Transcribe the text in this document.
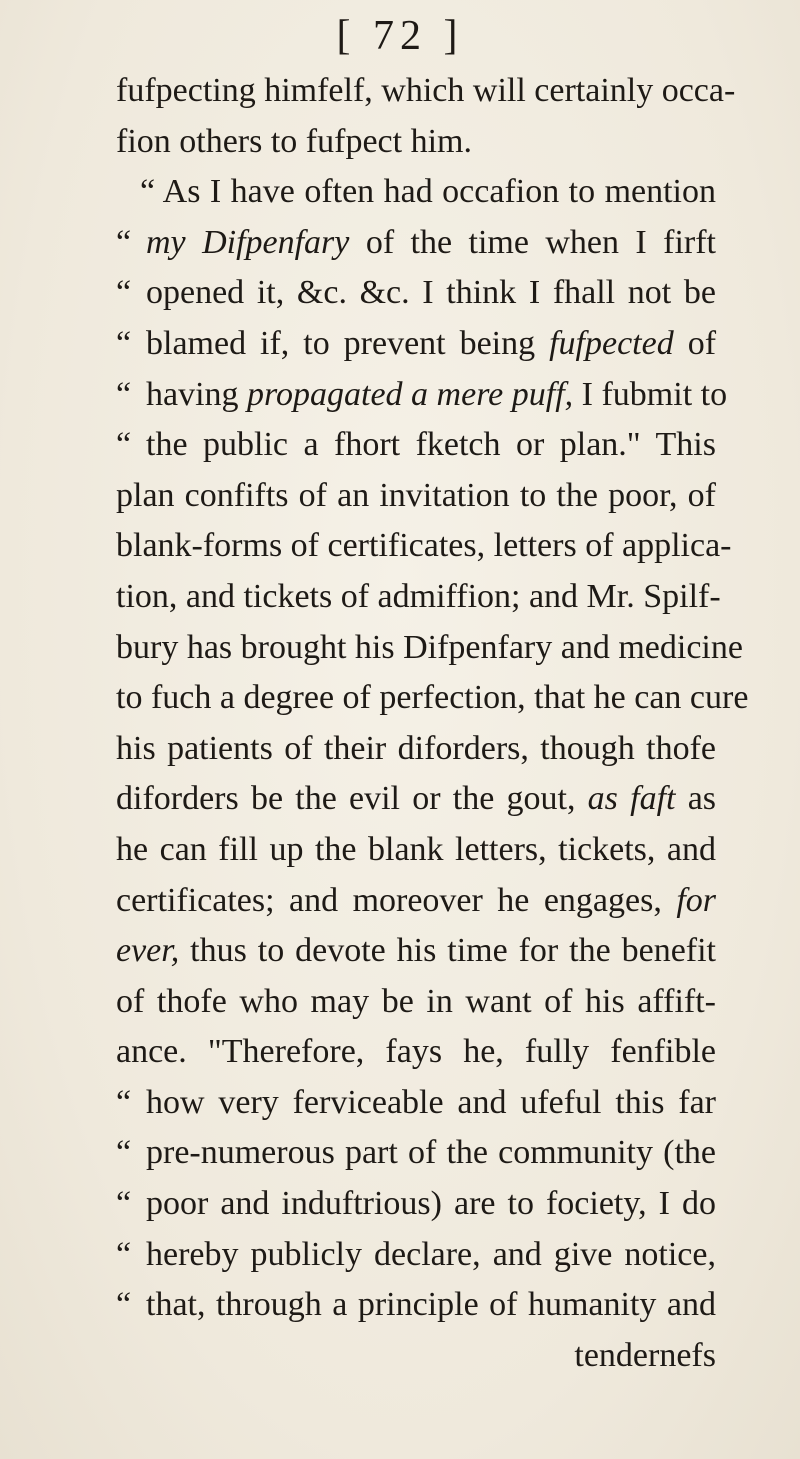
[ 72 ]
fufpecting himfelf, which will certainly occa-
fion others to fufpect him.
“ As I have often had occafion to mention
“ my Difpenfary of the time when I firft
“ opened it, &c. &c. I think I fhall not be
“ blamed if, to prevent being fufpected of
“ having propagated a mere puff, I fubmit to
“ the public a fhort fketch or plan." This
plan confifts of an invitation to the poor, of
blank-forms of certificates, letters of applica-
tion, and tickets of admiffion; and Mr. Spilf-
bury has brought his Difpenfary and medicine
to fuch a degree of perfection, that he can cure
his patients of their diforders, though thofe
diforders be the evil or the gout, as faft as
he can fill up the blank letters, tickets, and
certificates; and moreover he engages, for
ever, thus to devote his time for the benefit
of thofe who may be in want of his affift-
ance. "Therefore, fays he, fully fenfible
“ how very ferviceable and ufeful this far
“ pre-numerous part of the community (the
“ poor and induftrious) are to fociety, I do
“ hereby publicly declare, and give notice,
“ that, through a principle of humanity and
tendernefs
